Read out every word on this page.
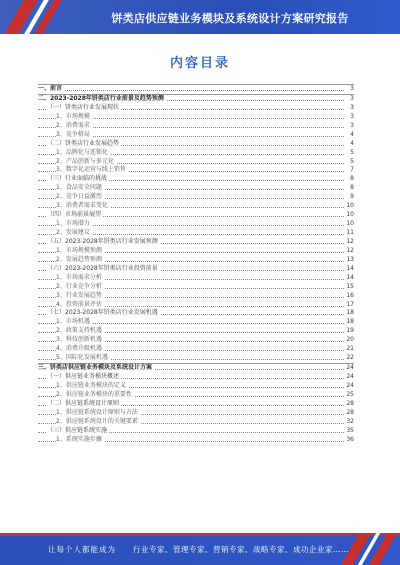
饼类店供应链业务模块及系统设计方案研究报告
内容目录
一、前言	3
二、2023-2028年饼类店行业前景及趋势预测	3
（一）饼类店行业发展现状	3
1、市场规模	3
2、消费需求	3
3、竞争格局	4
（二）饼类店行业发展趋势	4
1、品牌化与连锁化	5
2、产品创新与多元化	5
3、数字化运营与线上销售	7
（三）行业面临的挑战	8
1、食品安全问题	8
2、竞争日益激烈	9
3、消费者需求变化	10
（四）市场前景展望	10
1、市场潜力	10
2、发展建议	11
（五）2023-2028年饼类店行业发展预测	12
1、市场规模预测	12
2、发展趋势预测	13
（六）2023-2028年饼类店行业投资前景	14
1、市场需求分析	14
2、行业竞争分析	15
3、行业发展趋势	16
4、投资前景评估	17
（七）2023-2028年饼类店行业发展机遇	18
1、市场机遇	18
2、政策支持机遇	19
3、科技创新机遇	20
4、消费升级机遇	21
5、国际化发展机遇	22
三、饼类店供应链业务模块及系统设计方案	24
（一）供应链业务模块概述	24
1、供应链业务模块的定义	24
2、供应链业务模块的重要性	25
（二）供应链系统设计原则	28
1、供应链系统设计原则与方法	28
2、供应链系统设计的关键要素	32
（三）供应链系统实施	35
1、系统实施步骤	36
让每个人都能成为 行业专家、管理专家、营销专家、战略专家、成功企业家……
